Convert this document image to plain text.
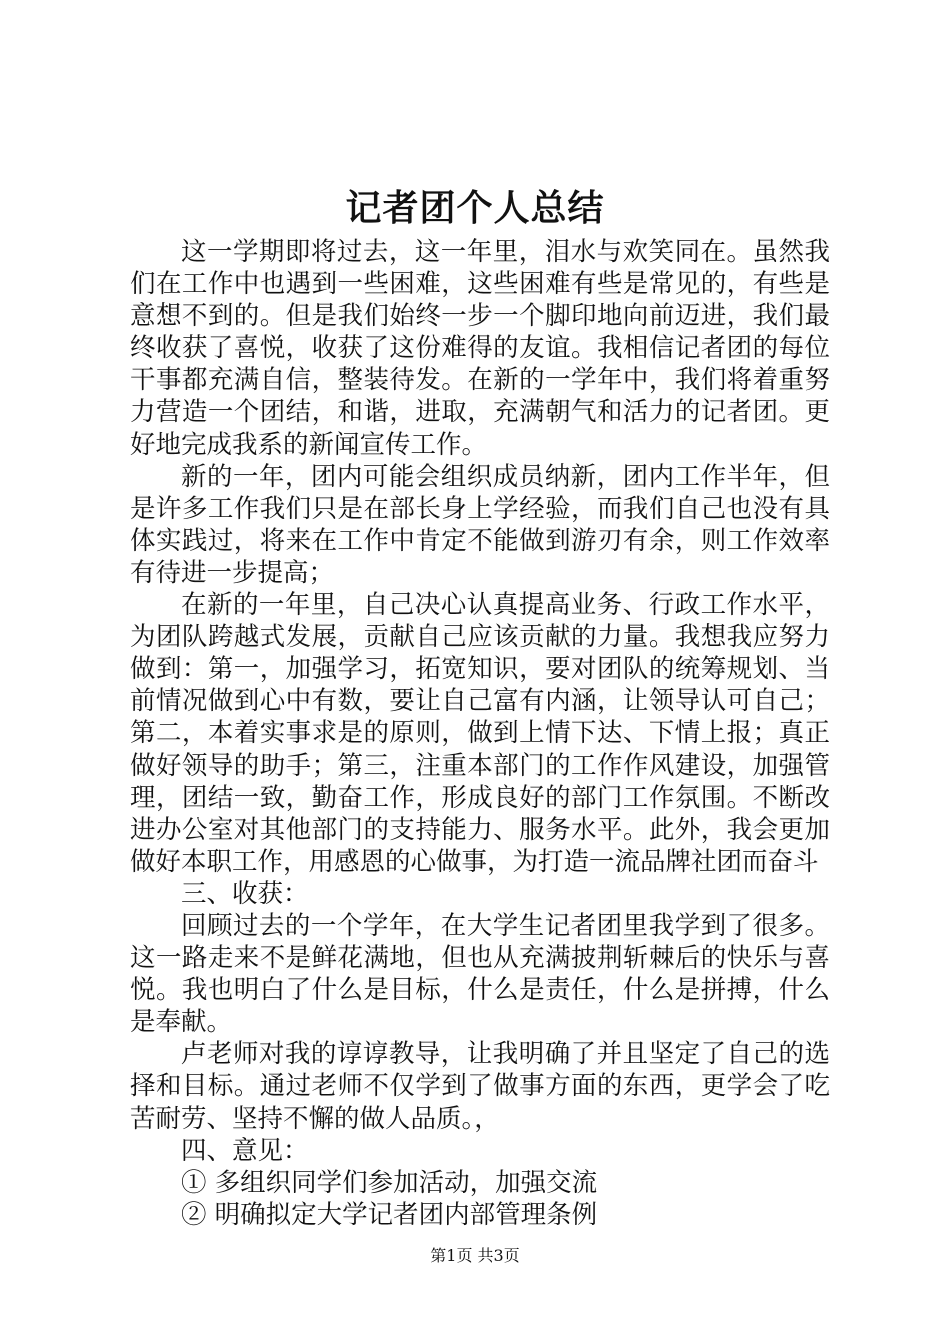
记者团个人总结

这一学期即将过去，这一年里，泪水与欢笑同在。虽然我们在工作中也遇到一些困难，这些困难有些是常见的，有些是意想不到的。但是我们始终一步一个脚印地向前迈进，我们最终收获了喜悦，收获了这份难得的友谊。我相信记者团的每位干事都充满自信，整装待发。在新的一学年中，我们将着重努力营造一个团结，和谐，进取，充满朝气和活力的记者团。更好地完成我系的新闻宣传工作。

新的一年，团内可能会组织成员纳新，团内工作半年，但是许多工作我们只是在部长身上学经验，而我们自己也没有具体实践过，将来在工作中肯定不能做到游刃有余，则工作效率有待进一步提高；

在新的一年里，自己决心认真提高业务、行政工作水平，为团队跨越式发展，贡献自己应该贡献的力量。我想我应努力做到：第一，加强学习，拓宽知识，要对团队的统筹规划、当前情况做到心中有数，要让自己富有内涵，让领导认可自己；第二，本着实事求是的原则，做到上情下达、下情上报；真正做好领导的助手；第三，注重本部门的工作作风建设，加强管理，团结一致，勤奋工作，形成良好的部门工作氛围。不断改进办公室对其他部门的支持能力、服务水平。此外，我会更加做好本职工作，用感恩的心做事，为打造一流品牌社团而奋斗

三、收获：

回顾过去的一个学年，在大学生记者团里我学到了很多。这一路走来不是鲜花满地，但也从充满披荆斩棘后的快乐与喜悦。我也明白了什么是目标，什么是责任，什么是拼搏，什么是奉献。

卢老师对我的谆谆教导，让我明确了并且坚定了自己的选择和目标。通过老师不仅学到了做事方面的东西，更学会了吃苦耐劳、坚持不懈的做人品质。，

四、意见：

① 多组织同学们参加活动，加强交流

② 明确拟定大学记者团内部管理条例

第1页 共3页
